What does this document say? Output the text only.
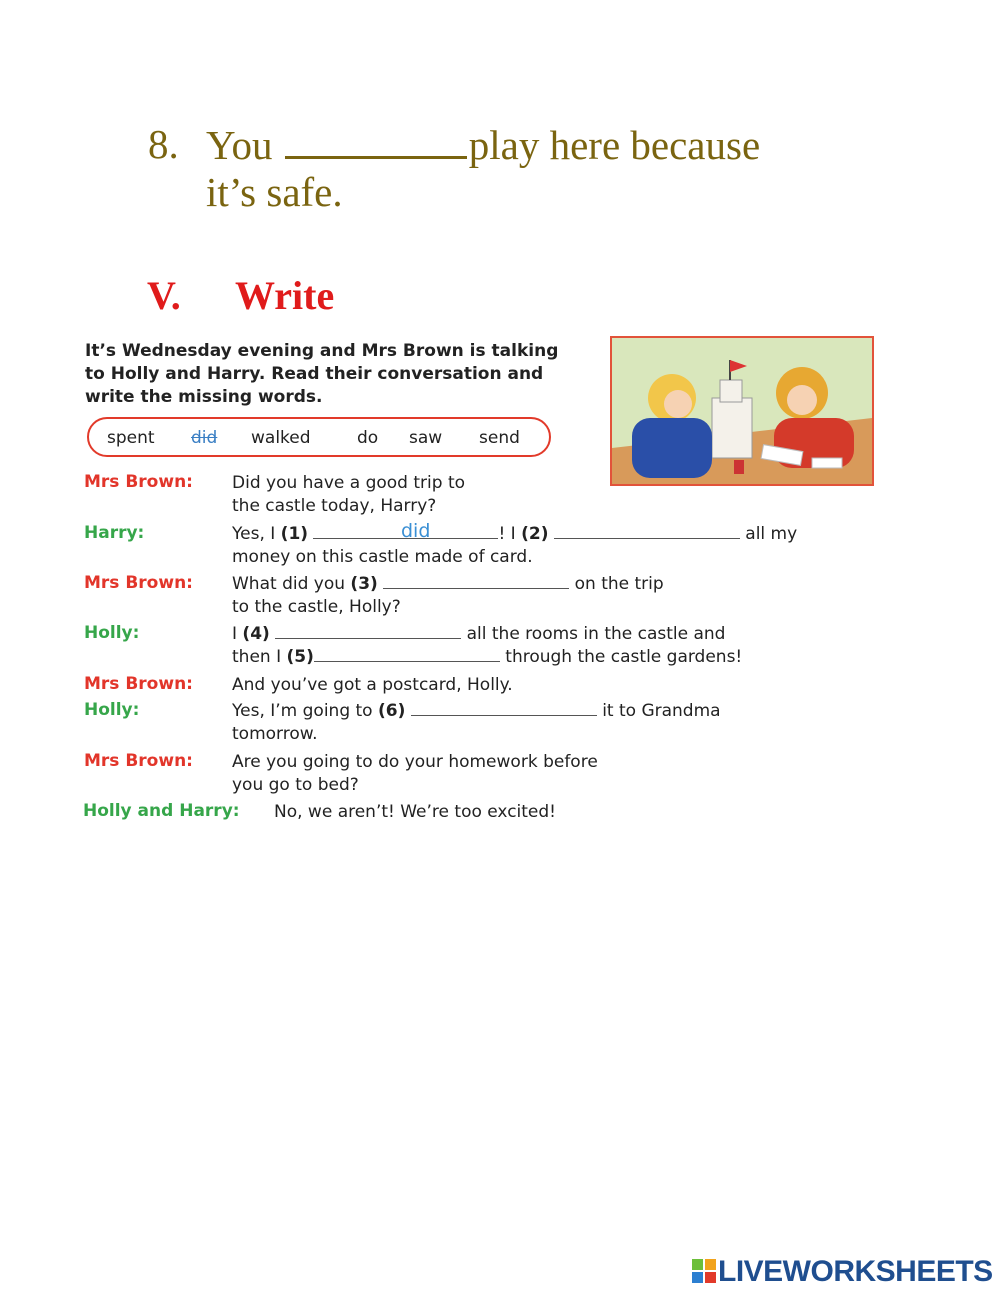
8. You	play here because
it’s safe.
V. Write
It’s Wednesday evening and Mrs Brown is talking to Holly and Harry. Read their conversation and write the missing words.
spent did walked	do saw send
Mrs Brown: Did you have a good trip to
the castle today, Harry?
Harry:	Yes, I (1)	! I (2)	all my
did
money on this castle made of card.
Mrs Brown: What did you (3)	on the trip
to the castle, Holly?
Holly:	I (4)	all the rooms in the castle and
then I (5)	through the castle gardens!
Mrs Brown: And you’ve got a postcard, Holly.
Holly:	Yes, I’m going to (6)	it to Grandma
tomorrow.
Mrs Brown: Are you going to do your homework before
you go to bed?
Holly and Harry: No, we aren’t! We’re too excited!
LIVEWORKSHEETS
